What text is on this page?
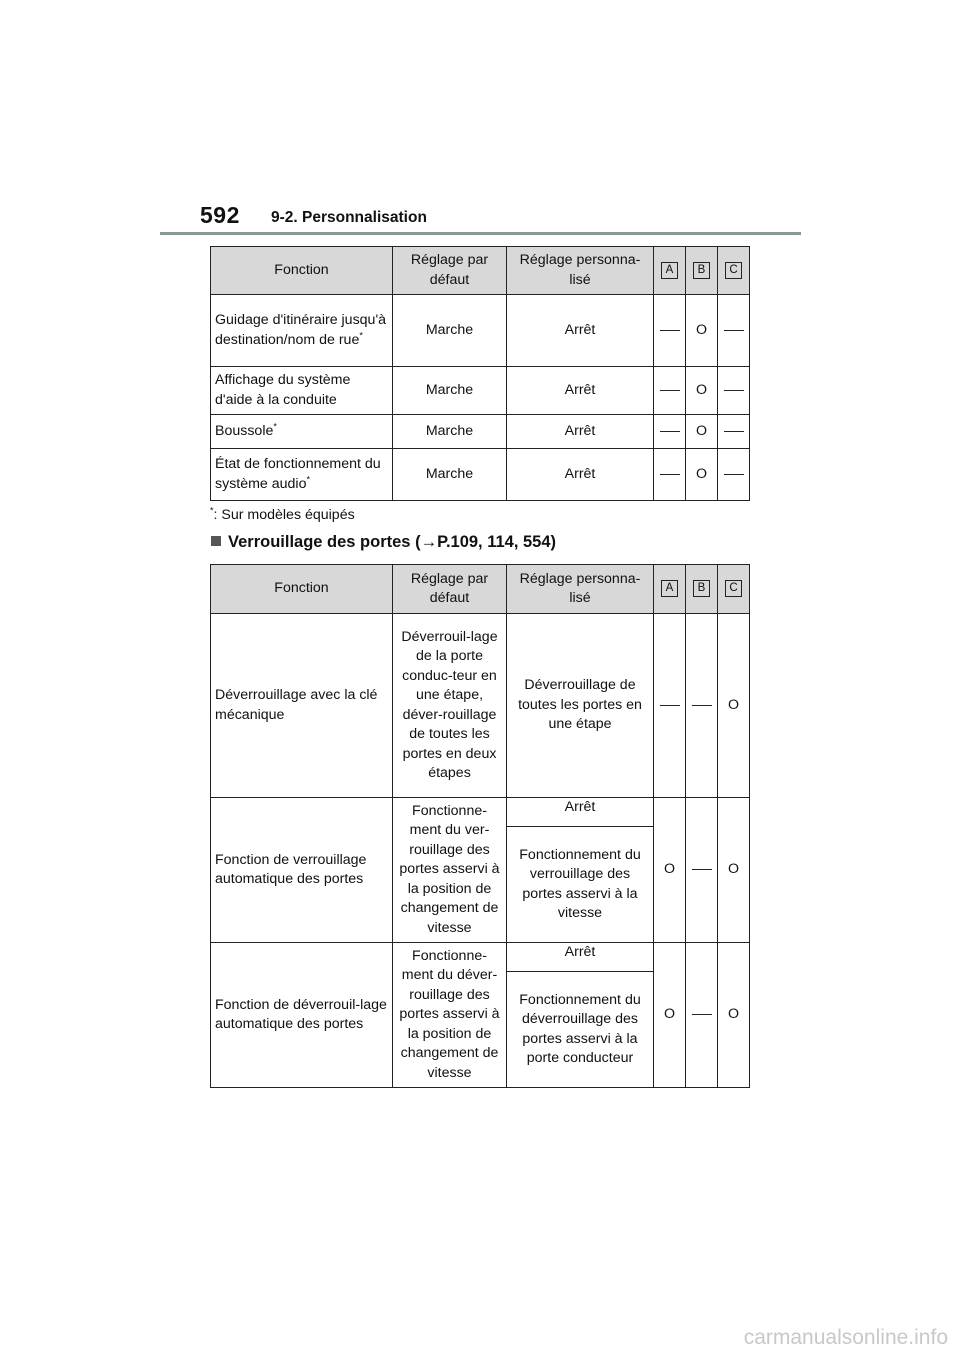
592 9-2. Personnalisation
Fonction	Réglage par défaut	Réglage personna-lisé	A	B	C
Guidage d'itinéraire jusqu'à destination/nom de rue*	Marche	Arrêt		O	
Affichage du système d'aide à la conduite	Marche	Arrêt		O	
Boussole*	Marche	Arrêt		O	
État de fonctionnement du système audio*	Marche	Arrêt		O	
*: Sur modèles équipés
Verrouillage des portes (→P.109, 114, 554)
Fonction	Réglage par défaut	Réglage personna-lisé	A	B	C
Déverrouillage avec la clé mécanique	Déverrouil-lage de la porte conduc-teur en une étape, déver-rouillage de toutes les portes en deux étapes	Déverrouillage de toutes les portes en une étape			O
Fonction de verrouillage automatique des portes	Fonctionne-ment du ver-rouillage des portes asservi à la position de changement de vitesse	Arrêt	O		O
		Fonctionnement du verrouillage des portes asservi à la vitesse			
Fonction de déverrouil-lage automatique des portes	Fonctionne-ment du déver-rouillage des portes asservi à la position de changement de vitesse	Arrêt	O		O
		Fonctionnement du déverrouillage des portes asservi à la porte conducteur			
carmanualsonline.info
